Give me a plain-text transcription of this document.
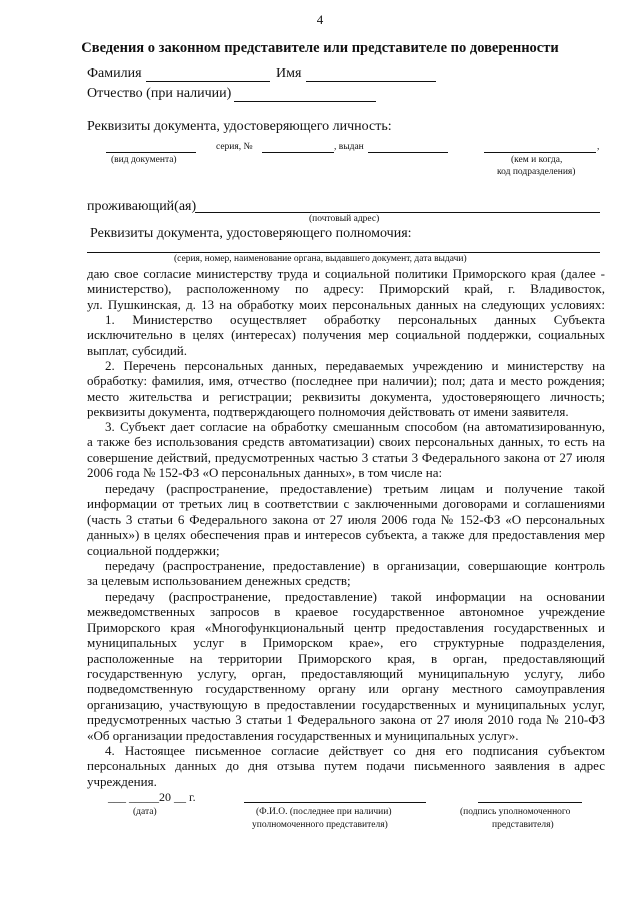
4
Сведения о законном представителе или представителе по доверенности
Фамилия	Имя
Отчество (при наличии)
Реквизиты документа, удостоверяющего личность:
серия, №	, выдан	,
(вид документа)	(кем и когда,
код подразделения)
проживающий(ая)
(почтовый адрес)
Реквизиты документа, удостоверяющего полномочия:
(серия, номер, наименование органа, выдавшего документ, дата выдачи)
даю свое согласие министерству труда и социальной политики Приморского края (далее -
министерство), расположенному по адресу: Приморский край, г. Владивосток,
ул. Пушкинская, д. 13 на обработку моих персональных данных на следующих условиях:
1. Министерство осуществляет обработку персональных данных Субъекта
исключительно в целях (интересах) получения мер социальной поддержки, социальных
выплат, субсидий.
2. Перечень персональных данных, передаваемых учреждению и министерству на
обработку: фамилия, имя, отчество (последнее при наличии); пол; дата и место рождения;
место жительства и регистрации; реквизиты документа, удостоверяющего личность;
реквизиты документа, подтверждающего полномочия действовать от имени заявителя.
3. Субъект дает согласие на обработку смешанным способом (на автоматизированную,
а также без использования средств автоматизации) своих персональных данных, то есть на
совершение действий, предусмотренных частью 3 статьи 3 Федерального закона от 27 июля
2006 года № 152-ФЗ «О персональных данных», в том числе на:
передачу (распространение, предоставление) третьим лицам и получение такой
информации от третьих лиц в соответствии с заключенными договорами и соглашениями
(часть 3 статьи 6 Федерального закона от 27 июля 2006 года № 152-ФЗ «О персональных
данных») в целях обеспечения прав и интересов субъекта, а также для предоставления мер
социальной поддержки;
передачу (распространение, предоставление) в организации, совершающие контроль
за целевым использованием денежных средств;
передачу (распространение, предоставление) такой информации на основании
межведомственных запросов в краевое государственное автономное учреждение
Приморского края «Многофункциональный центр предоставления государственных и
муниципальных услуг в Приморском крае», его структурные подразделения,
расположенные на территории Приморского края, в орган, предоставляющий
государственную услугу, орган, предоставляющий муниципальную услугу, либо
подведомственную государственному органу или органу местного самоуправления
организацию, участвующую в предоставлении государственных и муниципальных услуг,
предусмотренных частью 3 статьи 1 Федерального закона от 27 июля 2010 года № 210-ФЗ
«Об организации предоставления государственных и муниципальных услуг».
4. Настоящее письменное согласие действует со дня его подписания субъектом
персональных данных до дня отзыва путем подачи письменного заявления в адрес
учреждения.
___ _____20 __ г.
(дата)	(Ф.И.О. (последнее при наличии)
уполномоченного представителя)
(подпись уполномоченного
представителя)
